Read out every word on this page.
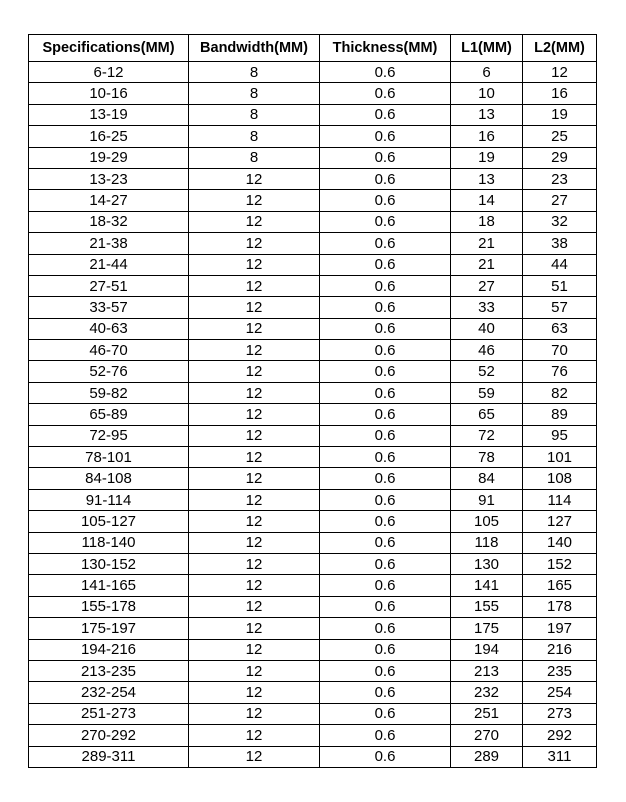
Specifications(MM)	Bandwidth(MM)	Thickness(MM)	L1(MM)	L2(MM)
6-12	8	0.6	6	12
10-16	8	0.6	10	16
13-19	8	0.6	13	19
16-25	8	0.6	16	25
19-29	8	0.6	19	29
13-23	12	0.6	13	23
14-27	12	0.6	14	27
18-32	12	0.6	18	32
21-38	12	0.6	21	38
21-44	12	0.6	21	44
27-51	12	0.6	27	51
33-57	12	0.6	33	57
40-63	12	0.6	40	63
46-70	12	0.6	46	70
52-76	12	0.6	52	76
59-82	12	0.6	59	82
65-89	12	0.6	65	89
72-95	12	0.6	72	95
78-101	12	0.6	78	101
84-108	12	0.6	84	108
91-114	12	0.6	91	114
105-127	12	0.6	105	127
118-140	12	0.6	118	140
130-152	12	0.6	130	152
141-165	12	0.6	141	165
155-178	12	0.6	155	178
175-197	12	0.6	175	197
194-216	12	0.6	194	216
213-235	12	0.6	213	235
232-254	12	0.6	232	254
251-273	12	0.6	251	273
270-292	12	0.6	270	292
289-311	12	0.6	289	311
